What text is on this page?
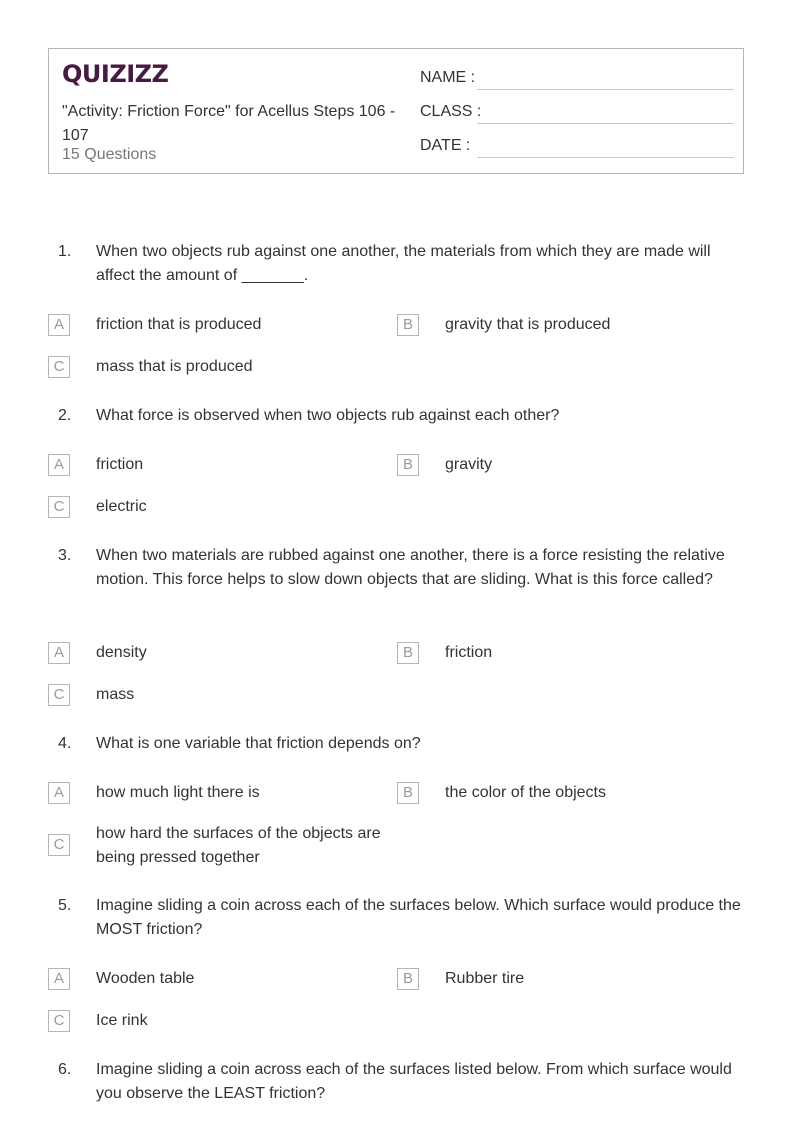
QUIZIZZ
"Activity: Friction Force" for Acellus Steps 106 - 107
15 Questions
NAME :
CLASS :
DATE :
1.	When two objects rub against one another, the materials from which they are made will affect the amount of _______.
A	friction that is produced	B	gravity that is produced
C	mass that is produced
2.	What force is observed when two objects rub against each other?
A	friction	B	gravity
C	electric
3.	When two materials are rubbed against one another, there is a force resisting the relative motion. This force helps to slow down objects that are sliding. What is this force called?
A	density	B	friction
C	mass
4.	What is one variable that friction depends on?
A	how much light there is	B	the color of the objects
C
how hard the surfaces of the objects are being pressed together
5.	Imagine sliding a coin across each of the surfaces below. Which surface would produce the MOST friction?
A	Wooden table	B	Rubber tire
C	Ice rink
6.	Imagine sliding a coin across each of the surfaces listed below. From which surface would you observe the LEAST friction?
